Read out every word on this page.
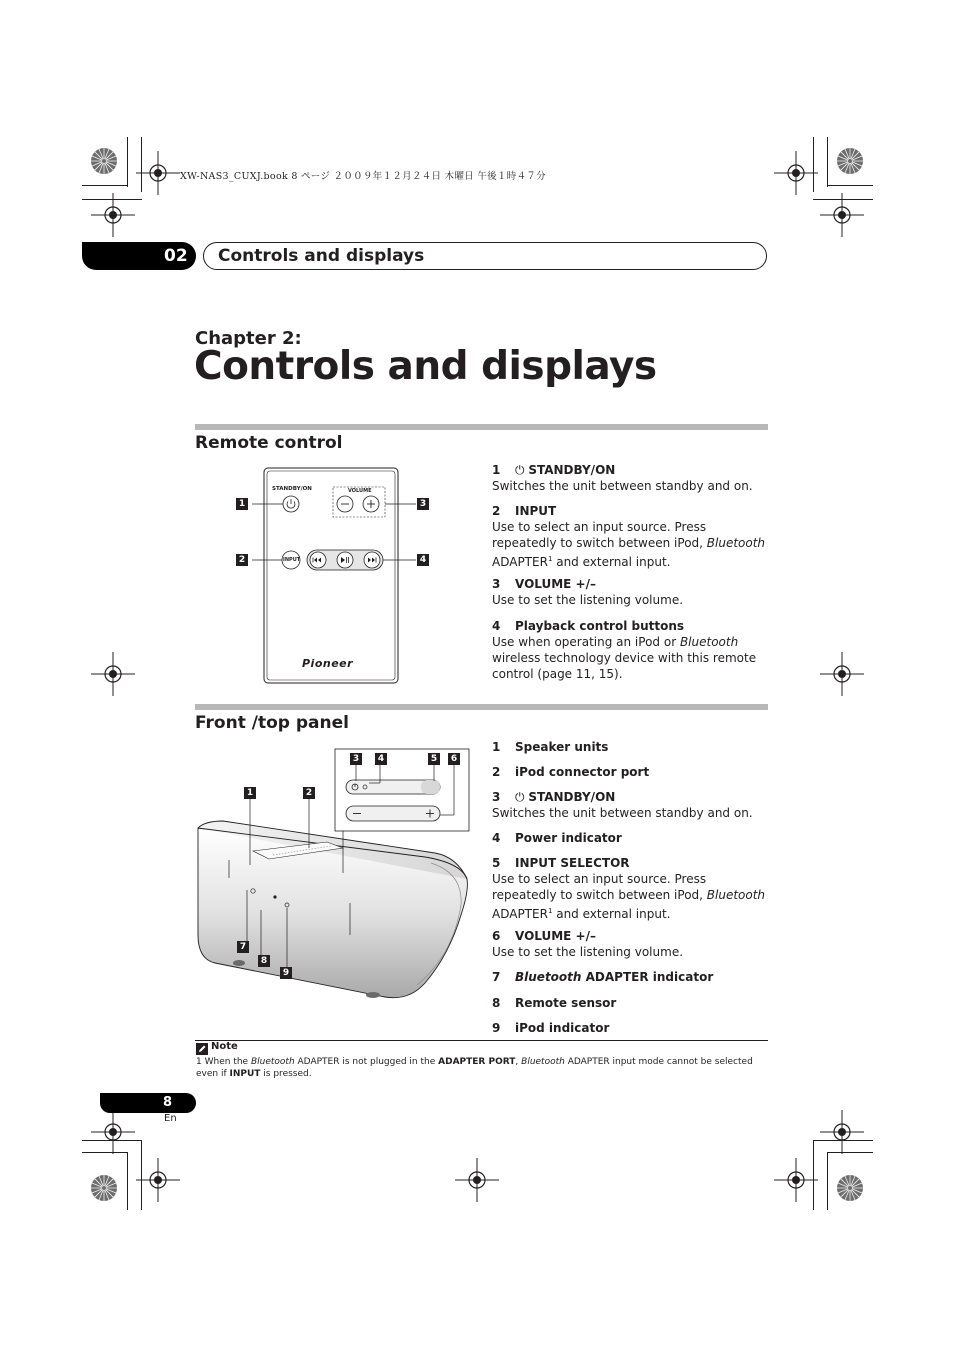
XW-NAS3_CUXJ.book 8 ページ ２００９年１２月２４日 木曜日 午後１時４７分
02	Controls and displays
Chapter 2:
Controls and displays
Remote control
STANDBY/ON	VOLUME
INPUT
Pioneer
1
2
3
4
1 ⏻ STANDBY/ON
Switches the unit between standby and on.
2 INPUT
Use to select an input source. Press repeatedly to switch between iPod, Bluetooth ADAPTER$^1$ and external input.
3 VOLUME +/–
Use to set the listening volume.
4 Playback control buttons
Use when operating an iPod or Bluetooth wireless technology device with this remote control (page 11, 15).
Front /top panel
3	4	5	6
1	2
7
8
9
1 Speaker units
2 iPod connector port
3 ⏻ STANDBY/ON
Switches the unit between standby and on.
4 Power indicator
5 INPUT SELECTOR
Use to select an input source. Press repeatedly to switch between iPod, Bluetooth ADAPTER$^1$ and external input.
6 VOLUME +/–
Use to set the listening volume.
7 Bluetooth ADAPTER indicator
8 Remote sensor
9 iPod indicator
Note
1 When the Bluetooth ADAPTER is not plugged in the ADAPTER PORT, Bluetooth ADAPTER input mode cannot be selected even if INPUT is pressed.
8
En
